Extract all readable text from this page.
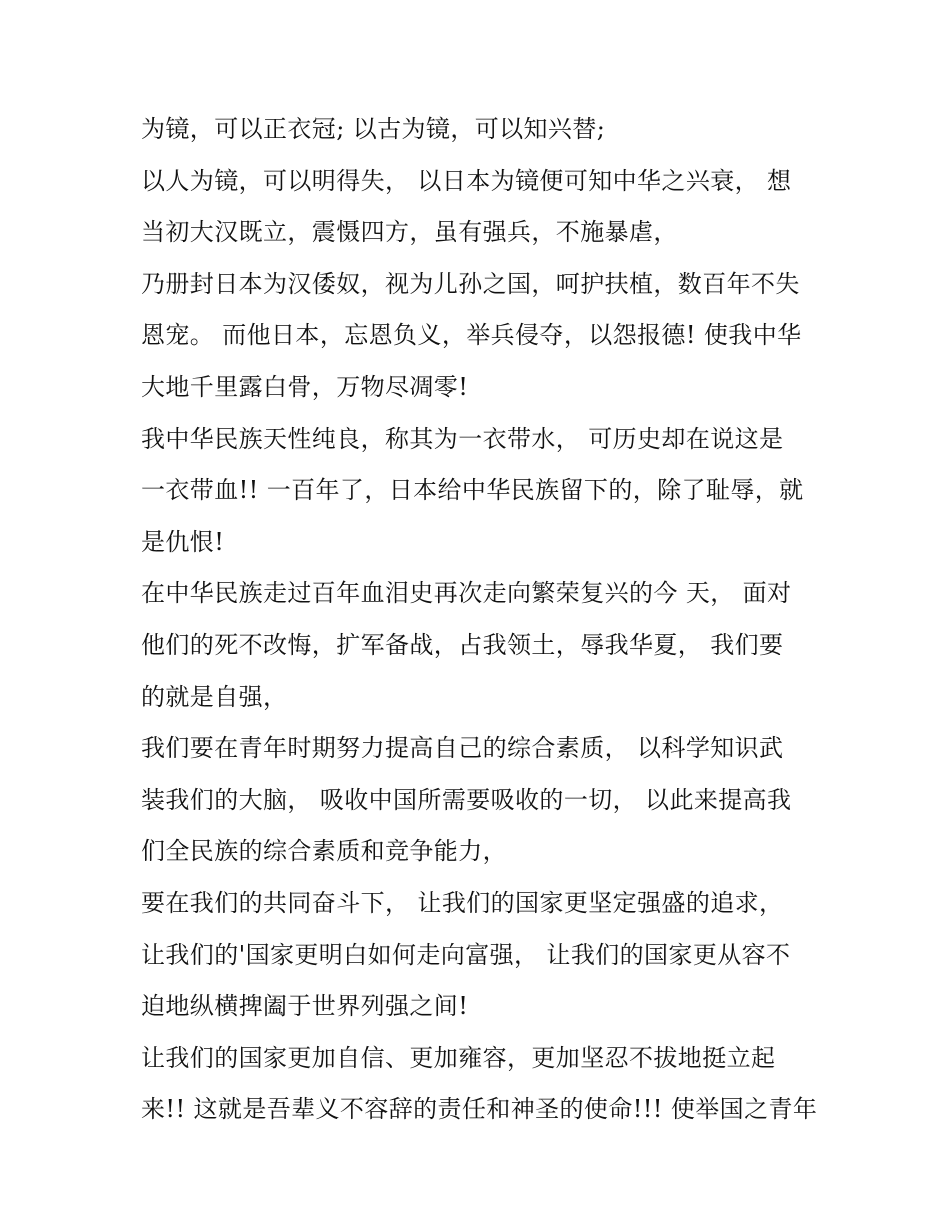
为镜，可以正衣冠; 以古为镜，可以知兴替;
以人为镜，可以明得失， 以日本为镜便可知中华之兴衰， 想
当初大汉既立，震慑四方，虽有强兵，不施暴虐，
乃册封日本为汉倭奴，视为儿孙之国，呵护扶植，数百年不失
恩宠。 而他日本，忘恩负义，举兵侵夺，以怨报德! 使我中华
大地千里露白骨，万物尽凋零!
我中华民族天性纯良，称其为一衣带水， 可历史却在说这是
一衣带血!! 一百年了，日本给中华民族留下的，除了耻辱，就
是仇恨!
在中华民族走过百年血泪史再次走向繁荣复兴的今 天， 面对
他们的死不改悔，扩军备战，占我领土，辱我华夏， 我们要
的就是自强，
我们要在青年时期努力提高自己的综合素质， 以科学知识武
装我们的大脑， 吸收中国所需要吸收的一切， 以此来提高我
们全民族的综合素质和竞争能力，
要在我们的共同奋斗下， 让我们的国家更坚定强盛的追求，
让我们的'国家更明白如何走向富强， 让我们的国家更从容不
迫地纵横捭阖于世界列强之间!
让我们的国家更加自信、更加雍容，更加坚忍不拔地挺立起
来!! 这就是吾辈义不容辞的责任和神圣的使命!!! 使举国之青年
